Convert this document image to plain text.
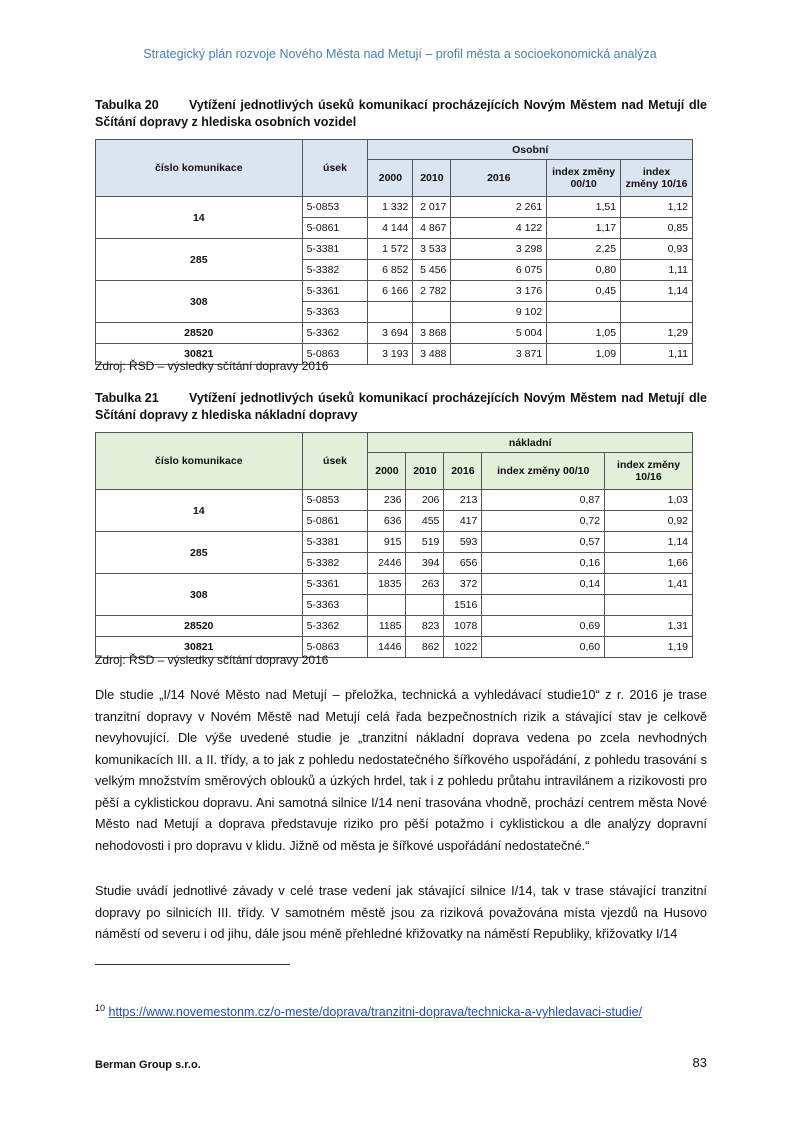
Strategický plán rozvoje Nového Města nad Metují – profil města a socioekonomická analýza
Tabulka 20 Vytížení jednotlivých úseků komunikací procházejících Novým Městem nad Metují dle Sčítání dopravy z hlediska osobních vozidel
číslo komunikace	úsek	Osobní				
		2000	2010	2016	index změny 00/10	index změny 10/16
14	5-0853	1 332	2 017	2 261	1,51	1,12
	5-0861	4 144	4 867	4 122	1,17	0,85
285	5-3381	1 572	3 533	3 298	2,25	0,93
	5-3382	6 852	5 456	6 075	0,80	1,11
308	5-3361	6 166	2 782	3 176	0,45	1,14
	5-3363			9 102		
28520	5-3362	3 694	3 868	5 004	1,05	1,29
30821	5-0863	3 193	3 488	3 871	1,09	1,11
Zdroj: ŘSD – výsledky sčítání dopravy 2016
Tabulka 21 Vytížení jednotlivých úseků komunikací procházejících Novým Městem nad Metují dle Sčítání dopravy z hlediska nákladní dopravy
číslo komunikace	úsek	nákladní				
		2000	2010	2016	index změny 00/10	index změny 10/16
14	5-0853	236	206	213	0,87	1,03
	5-0861	636	455	417	0,72	0,92
285	5-3381	915	519	593	0,57	1,14
	5-3382	2446	394	656	0,16	1,66
308	5-3361	1835	263	372	0,14	1,41
	5-3363			1516		
28520	5-3362	1185	823	1078	0,69	1,31
30821	5-0863	1446	862	1022	0,60	1,19
Zdroj: ŘSD – výsledky sčítání dopravy 2016
Dle studie „I/14 Nové Město nad Metují – přeložka, technická a vyhledávací studie10“ z r. 2016 je trase tranzitní dopravy v Novém Městě nad Metují celá řada bezpečnostních rizik a stávající stav je celkově nevyhovující. Dle výše uvedené studie je „tranzitní nákladní doprava vedena po zcela nevhodných komunikacích III. a II. třídy, a to jak z pohledu nedostatečného šířkového uspořádání, z pohledu trasování s velkým množstvím směrových oblouků a úzkých hrdel, tak i z pohledu průtahu intravilánem a rizikovosti pro pěší a cyklistickou dopravu. Ani samotná silnice I/14 není trasována vhodně, prochází centrem města Nové Město nad Metují a doprava představuje riziko pro pěší potažmo i cyklistickou a dle analýzy dopravní nehodovosti i pro dopravu v klidu. Jižně od města je šířkové uspořádání nedostatečné.“
Studie uvádí jednotlivé závady v celé trase vedení jak stávající silnice I/14, tak v trase stávající tranzitní dopravy po silnicích III. třídy. V samotném městě jsou za riziková považována místa vjezdů na Husovo náměstí od severu i od jihu, dále jsou méně přehledné křižovatky na náměstí Republiky, křižovatky I/14
$^{10}$ https://www.novemestonm.cz/o-meste/doprava/tranzitni-doprava/technicka-a-vyhledavaci-studie/
Berman Group s.r.o.	83
